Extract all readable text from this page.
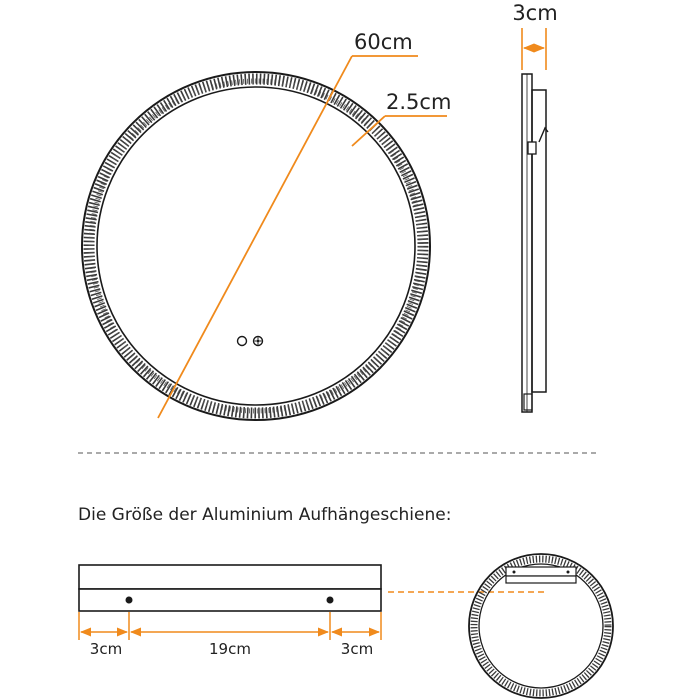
60cm
2.5cm
3cm
Die Größe der Aluminium Aufhängeschiene:
3cm	19cm	3cm
